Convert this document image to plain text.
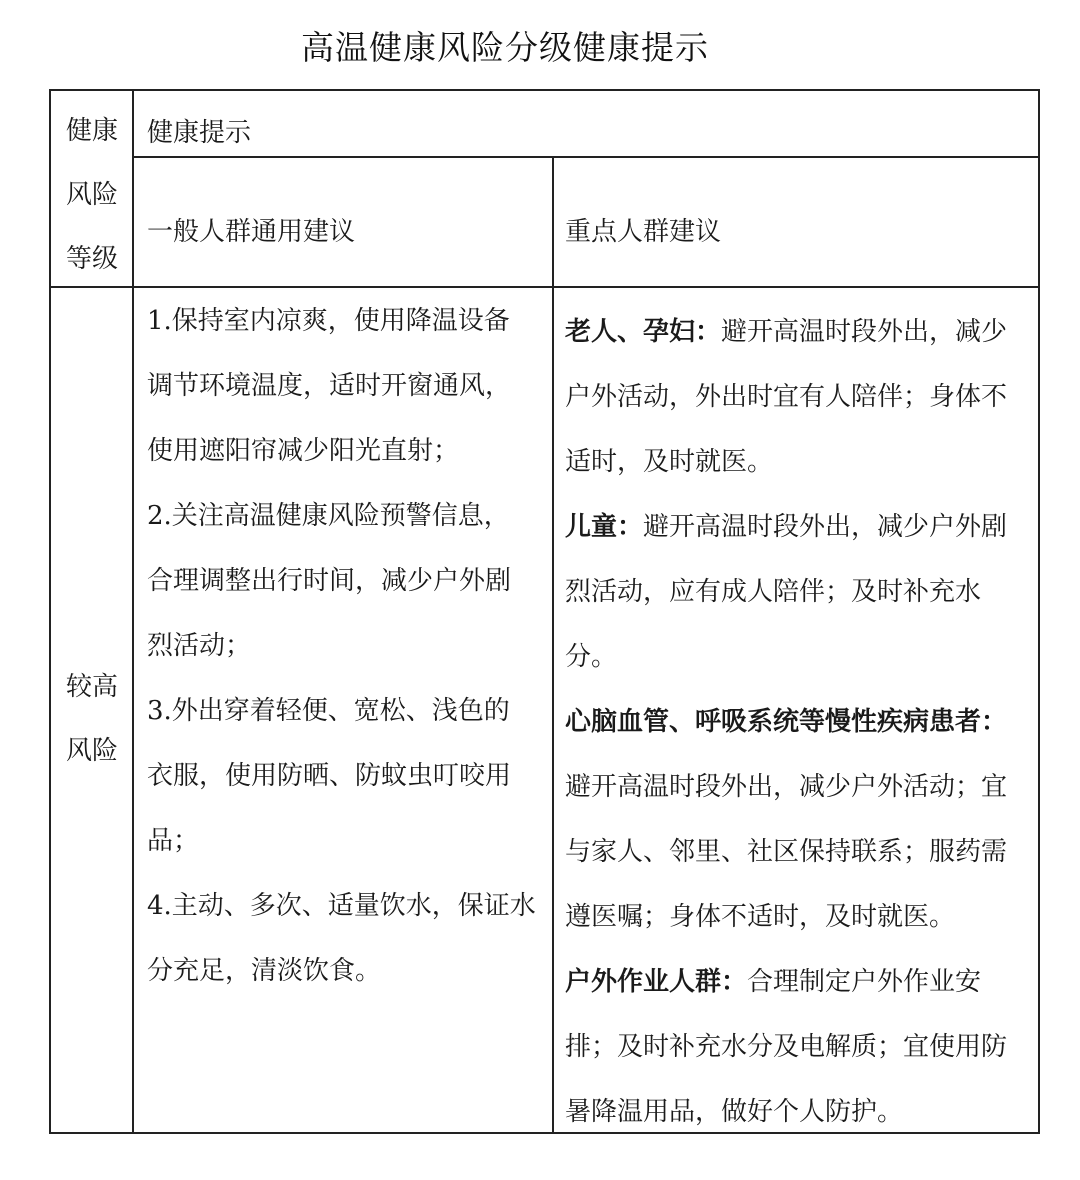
高温健康风险分级健康提示
健康
风险
等级
健康提示
一般人群通用建议	重点人群建议
较高
风险
1.保持室内凉爽，使用降温设备
调节环境温度，适时开窗通风，
使用遮阳帘减少阳光直射；
2.关注高温健康风险预警信息，
合理调整出行时间，减少户外剧
烈活动；
3.外出穿着轻便、宽松、浅色的
衣服，使用防晒、防蚊虫叮咬用
品；
4.主动、多次、适量饮水，保证水
分充足，清淡饮食。
老人、孕妇：避开高温时段外出，减少
户外活动，外出时宜有人陪伴；身体不
适时，及时就医。
儿童：避开高温时段外出，减少户外剧
烈活动，应有成人陪伴；及时补充水
分。
心脑血管、呼吸系统等慢性疾病患者：
避开高温时段外出，减少户外活动；宜
与家人、邻里、社区保持联系；服药需
遵医嘱；身体不适时，及时就医。
户外作业人群：合理制定户外作业安
排；及时补充水分及电解质；宜使用防
暑降温用品，做好个人防护。
